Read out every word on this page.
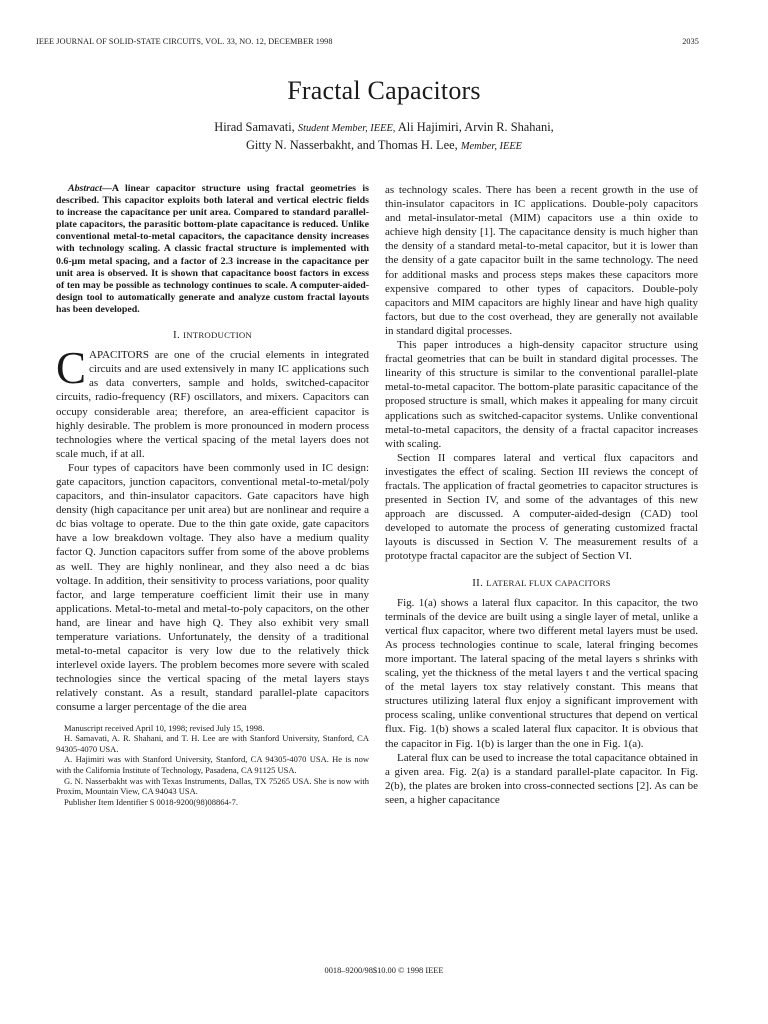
IEEE JOURNAL OF SOLID-STATE CIRCUITS, VOL. 33, NO. 12, DECEMBER 1998	2035
Fractal Capacitors
Hirad Samavati, Student Member, IEEE, Ali Hajimiri, Arvin R. Shahani,
Gitty N. Nasserbakht, and Thomas H. Lee, Member, IEEE

Abstract—A linear capacitor structure using fractal geometries is described. This capacitor exploits both lateral and vertical electric fields to increase the capacitance per unit area. Compared to standard parallel-plate capacitors, the parasitic bottom-plate capacitance is reduced. Unlike conventional metal-to-metal capacitors, the capacitance density increases with technology scaling. A classic fractal structure is implemented with 0.6-μm metal spacing, and a factor of 2.3 increase in the capacitance per unit area is observed. It is shown that capacitance boost factors in excess of ten may be possible as technology continues to scale. A computer-aided-design tool to automatically generate and analyze custom fractal layouts has been developed.

I. INTRODUCTION

CAPACITORS are one of the crucial elements in integrated circuits and are used extensively in many IC applications such as data converters, sample and holds, switched-capacitor circuits, radio-frequency (RF) oscillators, and mixers. Capacitors can occupy considerable area; therefore, an area-efficient capacitor is highly desirable. The problem is more pronounced in modern process technologies where the vertical spacing of the metal layers does not scale much, if at all.

Four types of capacitors have been commonly used in IC design: gate capacitors, junction capacitors, conventional metal-to-metal/poly capacitors, and thin-insulator capacitors. Gate capacitors have high density (high capacitance per unit area) but are nonlinear and require a dc bias voltage to operate. Due to the thin gate oxide, gate capacitors have a low breakdown voltage. They also have a medium quality factor Q. Junction capacitors suffer from some of the above problems as well. They are highly nonlinear, and they also need a dc bias voltage. In addition, their sensitivity to process variations, poor quality factor, and large temperature coefficient limit their use in many applications. Metal-to-metal and metal-to-poly capacitors, on the other hand, are linear and have high Q. They also exhibit very small temperature variations. Unfortunately, the density of a traditional metal-to-metal capacitor is very low due to the relatively thick interlevel oxide layers. The problem becomes more severe with scaled technologies since the vertical spacing of the metal layers stays relatively constant. As a result, standard parallel-plate capacitors consume a larger percentage of the die area

Manuscript received April 10, 1998; revised July 15, 1998.

H. Samavati, A. R. Shahani, and T. H. Lee are with Stanford University, Stanford, CA 94305-4070 USA.

A. Hajimiri was with Stanford University, Stanford, CA 94305-4070 USA. He is now with the California Institute of Technology, Pasadena, CA 91125 USA.

G. N. Nasserbakht was with Texas Instruments, Dallas, TX 75265 USA. She is now with Proxim, Mountain View, CA 94043 USA.

Publisher Item Identifier S 0018-9200(98)08864-7.

as technology scales. There has been a recent growth in the use of thin-insulator capacitors in IC applications. Double-poly capacitors and metal-insulator-metal (MIM) capacitors use a thin oxide to achieve high density [1]. The capacitance density is much higher than the density of a standard metal-to-metal capacitor, but it is lower than the density of a gate capacitor built in the same technology. The need for additional masks and process steps makes these capacitors more expensive compared to other types of capacitors. Double-poly capacitors and MIM capacitors are highly linear and have high quality factors, but due to the cost overhead, they are generally not available in standard digital processes.

This paper introduces a high-density capacitor structure using fractal geometries that can be built in standard digital processes. The linearity of this structure is similar to the conventional parallel-plate metal-to-metal capacitor. The bottom-plate parasitic capacitance of the proposed structure is small, which makes it appealing for many circuit applications such as switched-capacitor systems. Unlike conventional metal-to-metal capacitors, the density of a fractal capacitor increases with scaling.

Section II compares lateral and vertical flux capacitors and investigates the effect of scaling. Section III reviews the concept of fractals. The application of fractal geometries to capacitor structures is presented in Section IV, and some of the advantages of this new approach are discussed. A computer-aided-design (CAD) tool developed to automate the process of generating customized fractal layouts is discussed in Section V. The measurement results of a prototype fractal capacitor are the subject of Section VI.

II. LATERAL FLUX CAPACITORS

Fig. 1(a) shows a lateral flux capacitor. In this capacitor, the two terminals of the device are built using a single layer of metal, unlike a vertical flux capacitor, where two different metal layers must be used. As process technologies continue to scale, lateral fringing becomes more important. The lateral spacing of the metal layers s shrinks with scaling, yet the thickness of the metal layers t and the vertical spacing of the metal layers tox stay relatively constant. This means that structures utilizing lateral flux enjoy a significant improvement with process scaling, unlike conventional structures that depend on vertical flux. Fig. 1(b) shows a scaled lateral flux capacitor. It is obvious that the capacitor in Fig. 1(b) is larger than the one in Fig. 1(a).

Lateral flux can be used to increase the total capacitance obtained in a given area. Fig. 2(a) is a standard parallel-plate capacitor. In Fig. 2(b), the plates are broken into cross-connected sections [2]. As can be seen, a higher capacitance

0018–9200/98$10.00 © 1998 IEEE
